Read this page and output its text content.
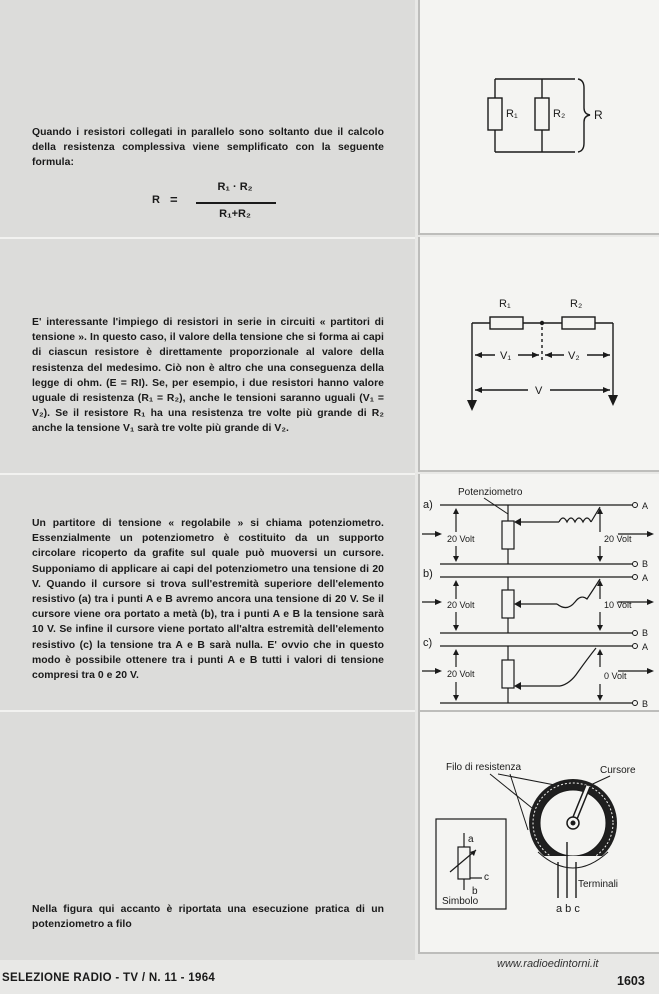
Quando i resistori collegati in parallelo sono soltanto due il calcolo della resistenza complessiva viene semplificato con la seguente formula:

R =
R₁ · R₂
R₁+R₂

E' interessante l'impiego di resistori in serie in circuiti « partitori di tensione ». In questo caso, il valore della tensione che si forma ai capi di ciascun resistore è direttamente proporzionale al valore della resistenza del medesimo. Ciò non è altro che una conseguenza della legge di ohm. (E = RI). Se, per esempio, i due resistori hanno valore uguale di resistenza (R₁ = R₂), anche le tensioni saranno uguali (V₁ = V₂). Se il resistore R₁ ha una resistenza tre volte più grande di R₂ anche la tensione V₁ sarà tre volte più grande di V₂.

Un partitore di tensione « regolabile » si chiama potenziometro. Essenzialmente un potenziometro è costituito da un supporto circolare ricoperto da grafite sul quale può muoversi un cursore. Supponiamo di applicare ai capi del potenziometro una tensione di 20 V. Quando il cursore si trova sull'estremità superiore dell'elemento resistivo (a) tra i punti A e B avremo ancora una tensione di 20 V. Se il cursore viene ora portato a metà (b), tra i punti A e B la tensione sarà 10 V. Se infine il cursore viene portato all'altra estremità dell'elemento resistivo (c) la tensione tra A e B sarà nulla. E' ovvio che in questo modo è possibile ottenere tra i punti A e B tutti i valori di tensione compresi tra 0 e 20 V.

Nella figura qui accanto è riportata una esecuzione pratica di un potenziometro a filo

R₁	R₂ R
R₁	R₂
V₁	V₂
V
Potenziometro
a)
20 Volt	20 Volt
A
B
b)
20 Volt	10 Volt
A
B
c)
20 Volt	0 Volt
A
B
Filo di resistenza	Cursore
Terminali
a b c
a
c
b
Simbolo
SELEZIONE RADIO - TV / N. 11 - 1964
www.radioedintorni.it
1603
